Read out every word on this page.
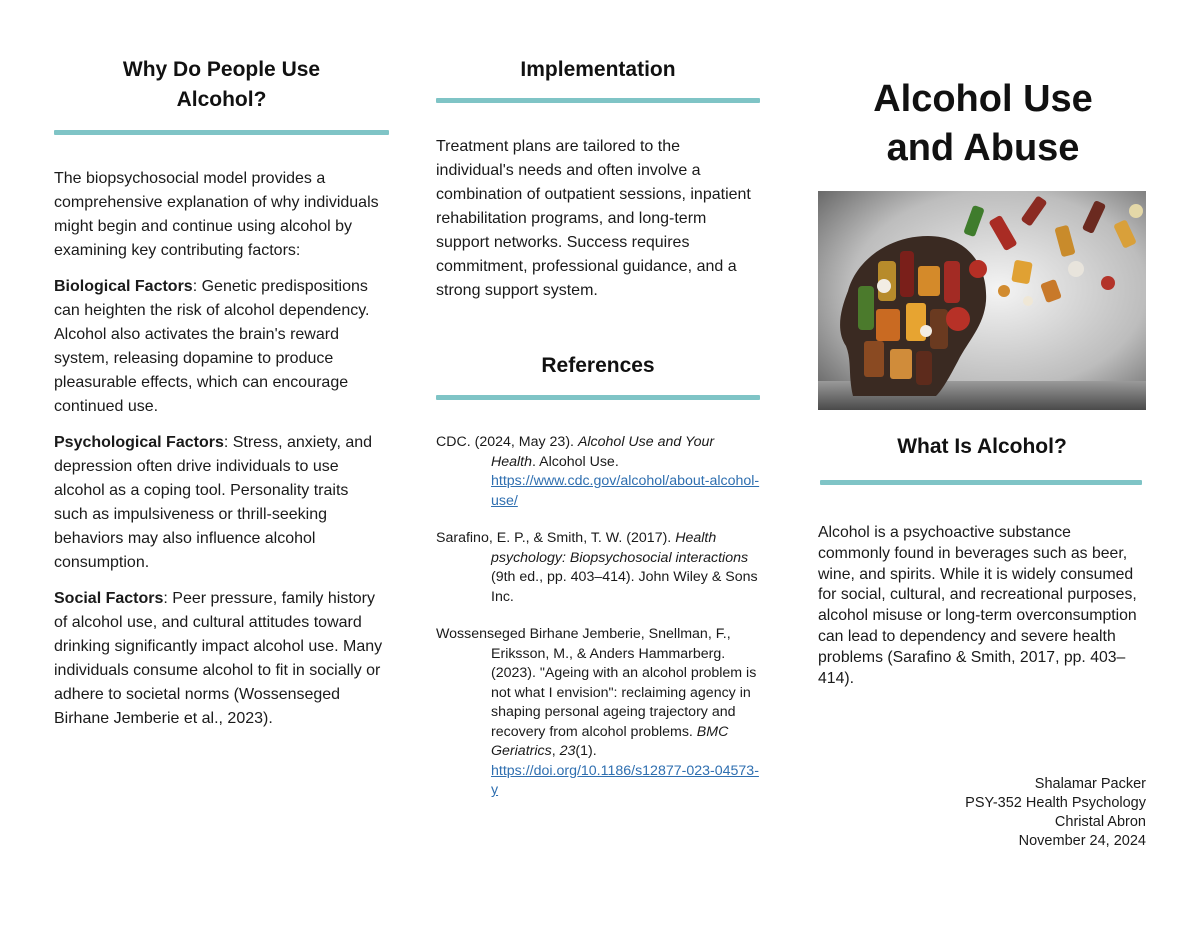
Why Do People Use Alcohol?

The biopsychosocial model provides a comprehensive explanation of why individuals might begin and continue using alcohol by examining key contributing factors:

Biological Factors: Genetic predispositions can heighten the risk of alcohol dependency. Alcohol also activates the brain's reward system, releasing dopamine to produce pleasurable effects, which can encourage continued use.

Psychological Factors: Stress, anxiety, and depression often drive individuals to use alcohol as a coping tool. Personality traits such as impulsiveness or thrill-seeking behaviors may also influence alcohol consumption.

Social Factors: Peer pressure, family history of alcohol use, and cultural attitudes toward drinking significantly impact alcohol use. Many individuals consume alcohol to fit in socially or adhere to societal norms (Wossenseged Birhane Jemberie et al., 2023).

Implementation

Treatment plans are tailored to the individual's needs and often involve a combination of outpatient sessions, inpatient rehabilitation programs, and long-term support networks. Success requires commitment, professional guidance, and a strong support system.

References

CDC. (2024, May 23). Alcohol Use and Your Health. Alcohol Use. https://www.cdc.gov/alcohol/about-alcohol-use/

Sarafino, E. P., & Smith, T. W. (2017). Health psychology: Biopsychosocial interactions (9th ed., pp. 403–414). John Wiley & Sons Inc.

Wossenseged Birhane Jemberie, Snellman, F., Eriksson, M., & Anders Hammarberg. (2023). "Ageing with an alcohol problem is not what I envision": reclaiming agency in shaping personal ageing trajectory and recovery from alcohol problems. BMC Geriatrics, 23(1). https://doi.org/10.1186/s12877-023-04573-y

Alcohol Use and Abuse
What Is Alcohol?

Alcohol is a psychoactive substance commonly found in beverages such as beer, wine, and spirits. While it is widely consumed for social, cultural, and recreational purposes, alcohol misuse or long-term overconsumption can lead to dependency and severe health problems (Sarafino & Smith, 2017, pp. 403–414).

Shalamar Packer
PSY-352 Health Psychology
Christal Abron
November 24, 2024
